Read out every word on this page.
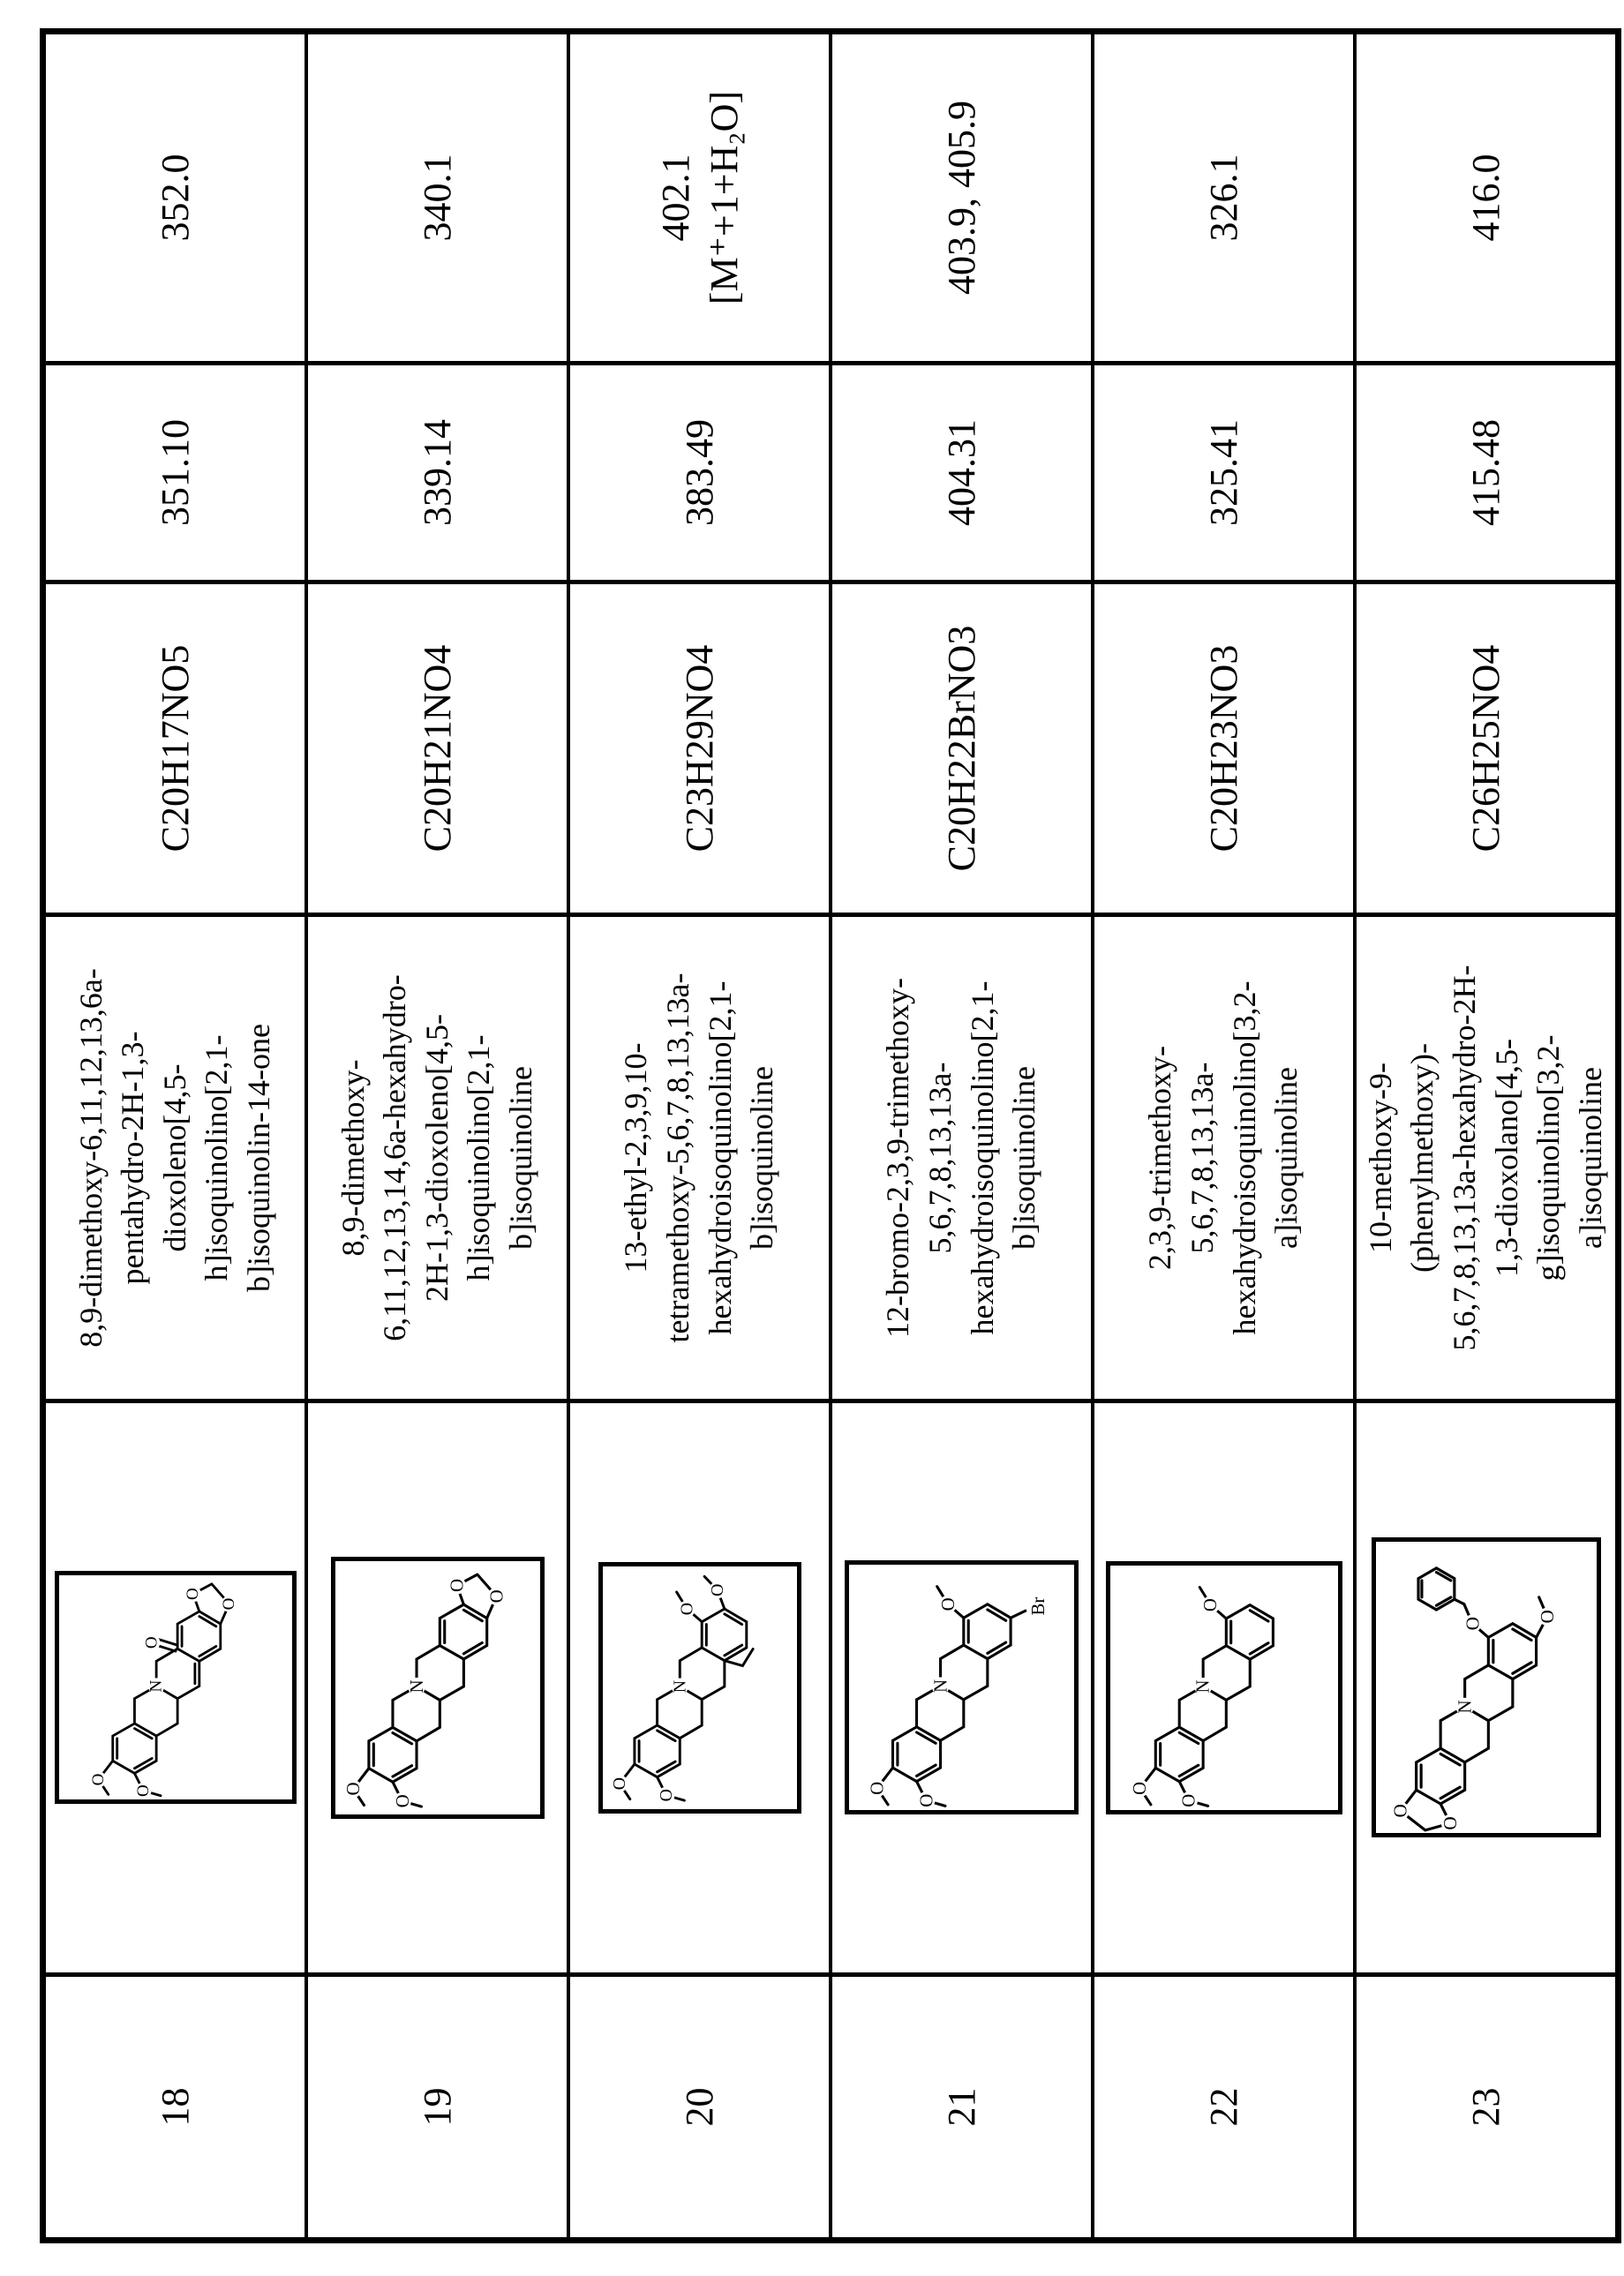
18
O
O
O
O
O
N
8,9-dimethoxy-6,11,12,13,6a-
pentahydro-2H-1,3-
dioxoleno[4,5-
h]isoquinolino[2,1-
b]isoquinolin-14-one
C20H17NO5
351.10
352.0
19
O
O
O
O
N
8,9-dimethoxy-
6,11,12,13,14,6a-hexahydro-
2H-1,3-dioxoleno[4,5-
h]isoquinolino[2,1-
b]isoquinoline
C20H21NO4
339.14
340.1
20
O
O
O
O
N
13-ethyl-2,3,9,10-
tetramethoxy-5,6,7,8,13,13a-
hexahydroisoquinolino[2,1-
b]isoquinoline
C23H29NO4
383.49
402.1
[M⁺+1+H₂O]
21
O
O
O	Br
N
12-bromo-2,3,9-trimethoxy-
5,6,7,8,13,13a-
hexahydroisoquinolino[2,1-
b]isoquinoline
C20H22BrNO3
404.31
403.9, 405.9
22
O
O
O
N
2,3,9-trimethoxy-
5,6,7,8,13,13a-
hexahydroisoquinolino[3,2-
a]isoquinoline
C20H23NO3
325.41
326.1
23
O
O
O
O
N
10-methoxy-9-
(phenylmethoxy)-
5,6,7,8,13,13a-hexahydro-2H-
1,3-dioxolano[4,5-
g]isoquinolino[3,2-
a]isoquinoline
C26H25NO4
415.48
416.0
